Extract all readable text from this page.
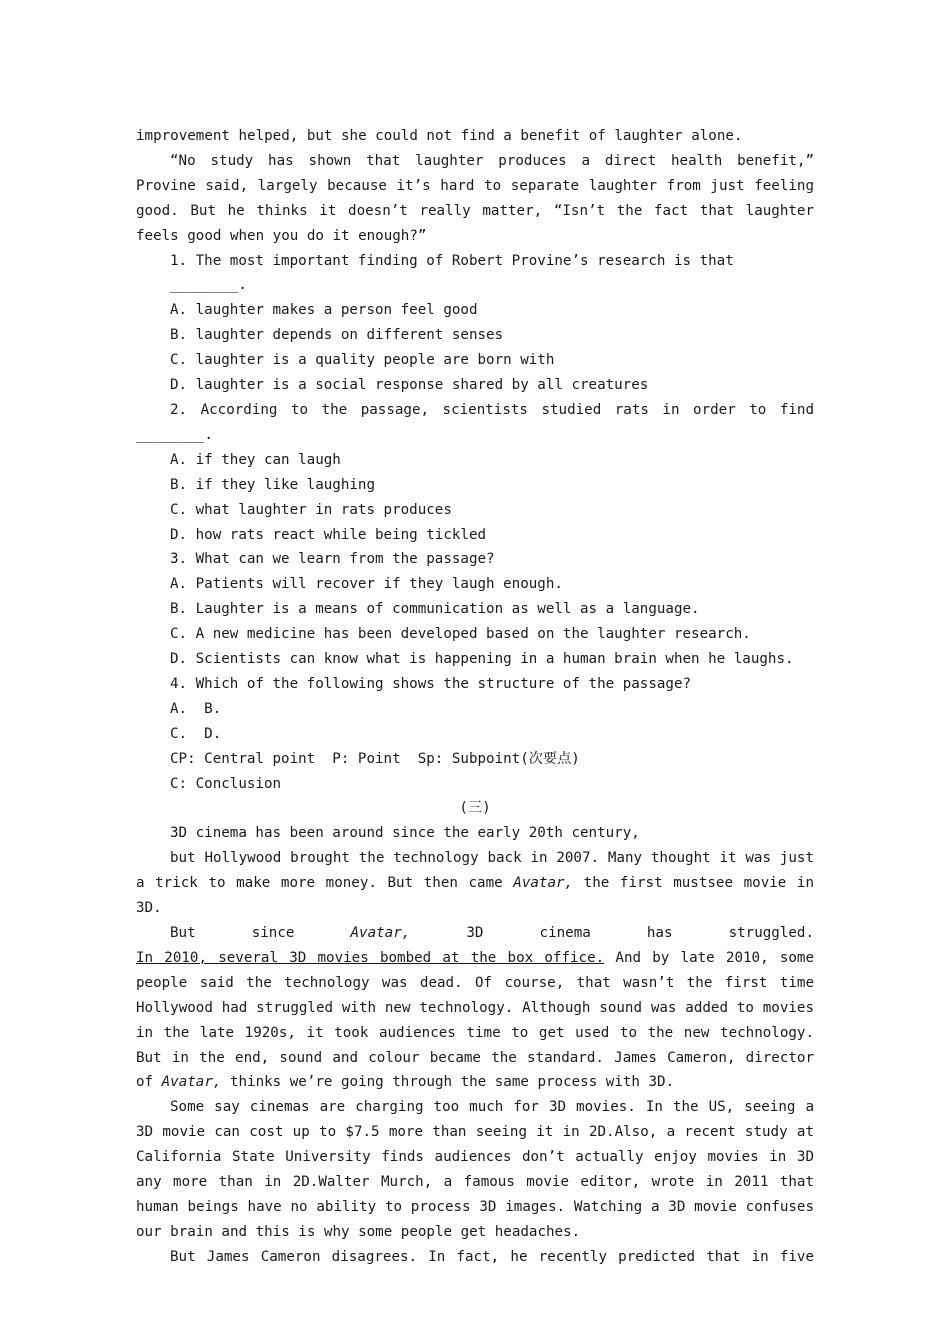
improvement helped, but she could not find a benefit of laughter alone.

“No study has shown that laughter produces a direct health benefit,” Provine said, largely because it’s hard to separate laughter from just feeling good. But he thinks it doesn’t really matter, “Isn’t the fact that laughter feels good when you do it enough?”

1. The most important finding of Robert Provine’s research is that ________.

A. laughter makes a person feel good

B. laughter depends on different senses

C. laughter is a quality people are born with

D. laughter is a social response shared by all creatures

2. According to the passage, scientists studied rats in order to find ________.

A. if they can laugh

B. if they like laughing

C. what laughter in rats produces

D. how rats react while being tickled

3. What can we learn from the passage?

A. Patients will recover if they laugh enough.

B. Laughter is a means of communication as well as a language.

C. A new medicine has been developed based on the laughter research.

D. Scientists can know what is happening in a human brain when he laughs.

4. Which of the following shows the structure of the passage?

A.  B.

C.  D.

CP: Central point  P: Point  Sp: Subpoint(次要点)

C: Conclusion

(三)

3D cinema has been around since the early 20th century,

but Hollywood brought the technology back in 2007. Many thought it was just a trick to make more money. But then came Avatar, the first mustsee movie in 3D.

But	since	Avatar,	3D	cinema	has	struggled.

In 2010, several 3D movies bombed at the box office. And by late 2010, some people said the technology was dead. Of course, that wasn’t the first time Hollywood had struggled with new technology. Although sound was added to movies in the late 1920s, it took audiences time to get used to the new technology. But in the end, sound and colour became the standard. James Cameron, director of Avatar, thinks we’re going through the same process with 3D.

Some say cinemas are charging too much for 3D movies. In the US, seeing a 3D movie can cost up to $7.5 more than seeing it in 2D.Also, a recent study at California State University finds audiences don’t actually enjoy movies in 3D any more than in 2D.Walter Murch, a famous movie editor, wrote in 2011 that human beings have no ability to process 3D images. Watching a 3D movie confuses our brain and this is why some people get headaches.

But James Cameron disagrees. In fact, he recently predicted that in five
